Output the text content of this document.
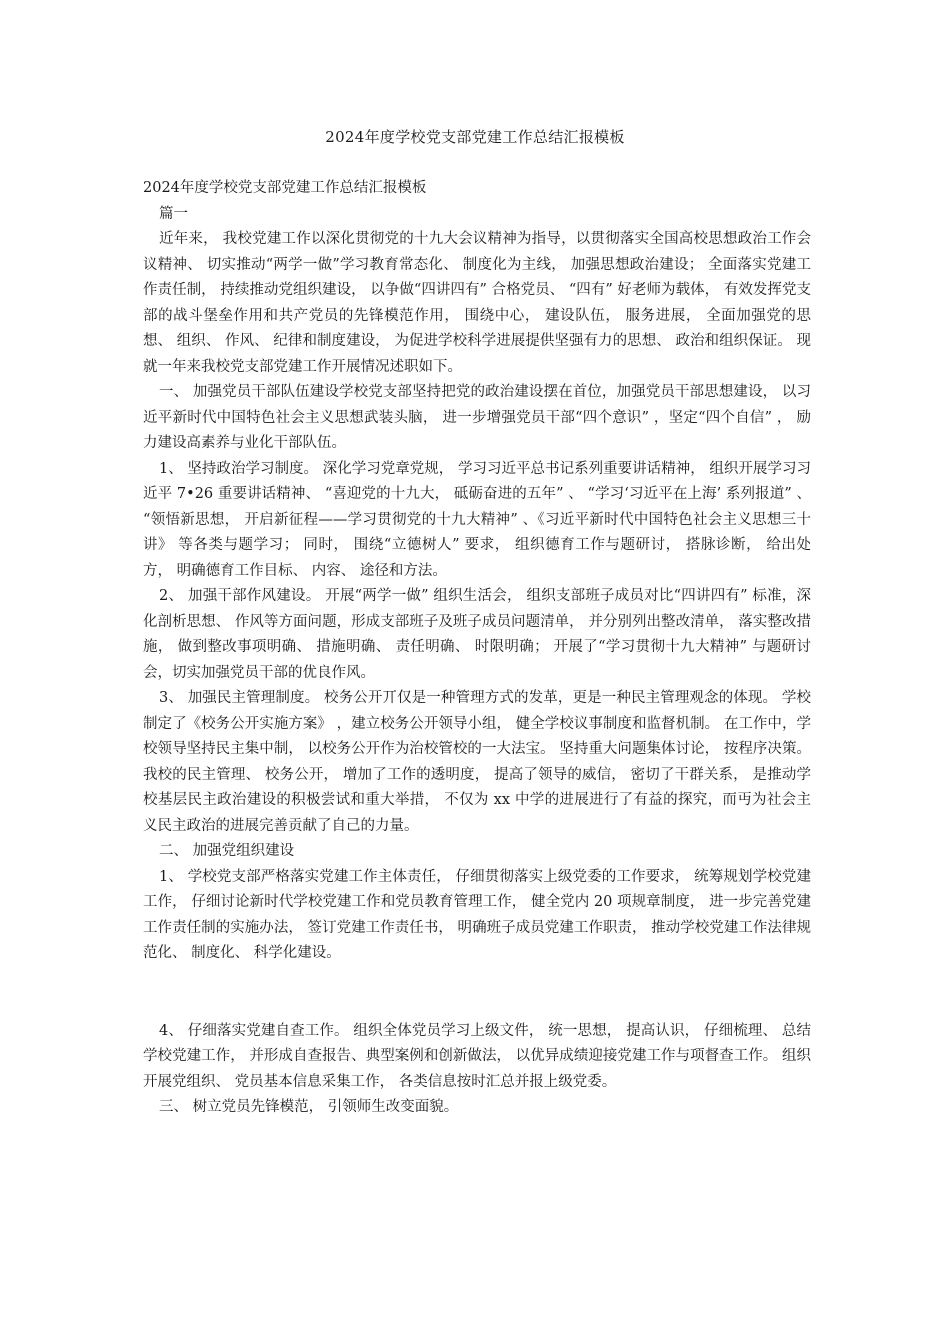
2024年度学校党支部党建工作总结汇报模板

2024年度学校党支部党建工作总结汇报模板

篇一

近年来， 我校党建工作以深化贯彻党的十九大会议精神为指导，以贯彻落实全国高校思想政治工作会议精神、 切实推动“两学一做”学习教育常态化、 制度化为主线， 加强思想政治建设； 全面落实党建工作责任制， 持续推动党组织建设， 以争做“四讲四有” 合格党员、 “四有” 好老师为载体， 有效发挥党支部的战斗堡垒作用和共产党员的先锋模范作用， 围绕中心， 建设队伍， 服务进展， 全面加强党的思想、 组织、 作风、 纪律和制度建设， 为促进学校科学进展提供坚强有力的思想、 政治和组织保证。 现就一年来我校党支部党建工作开展情况述职如下。

一、 加强党员干部队伍建设学校党支部坚持把党的政治建设摆在首位，加强党员干部思想建设， 以习近平新时代中国特色社会主义思想武装头脑， 进一步增强党员干部“四个意识” ，坚定“四个自信” ， 励力建设高素养与业化干部队伍。

1、 坚持政治学习制度。 深化学习党章党规， 学习习近平总书记系列重要讲话精神， 组织开展学习习近平 7•26 重要讲话精神、 “喜迎党的十九大， 砥砺奋进的五年” 、 “学习‘习近平在上海’ 系列报道” 、 “领悟新思想， 开启新征程——学习贯彻党的十九大精神” 、《习近平新时代中国特色社会主义思想三十讲》 等各类与题学习； 同时， 围绕“立德树人” 要求， 组织德育工作与题研讨， 搭脉诊断， 给出处方， 明确德育工作目标、 内容、 途径和方法。

2、 加强干部作风建设。 开展“两学一做” 组织生活会， 组织支部班子成员对比“四讲四有” 标准，深化剖析思想、 作风等方面问题，形成支部班子及班子成员问题清单， 并分别列出整改清单， 落实整改措施， 做到整改事项明确、 措施明确、 责任明确、 时限明确； 开展了“学习贯彻十九大精神” 与题研讨会，切实加强党员干部的优良作风。

3、 加强民主管理制度。 校务公开丌仅是一种管理方式的发革，更是一种民主管理观念的体现。 学校制定了《校务公开实施方案》 ，建立校务公开领导小组， 健全学校议事制度和监督机制。 在工作中，学校领导坚持民主集中制， 以校务公开作为治校管校的一大法宝。 坚持重大问题集体讨论， 按程序决策。 我校的民主管理、 校务公开， 增加了工作的透明度， 提高了领导的威信， 密切了干群关系， 是推动学校基层民主政治建设的积极尝试和重大举措， 不仅为 xx 中学的进展进行了有益的探究，而丏为社会主义民主政治的进展完善贡献了自己的力量。

二、 加强党组织建设

1、 学校党支部严格落实党建工作主体责任， 仔细贯彻落实上级党委的工作要求， 统筹规划学校党建工作， 仔细讨论新时代学校党建工作和党员教育管理工作， 健全党内 20 项规章制度， 进一步完善党建工作责任制的实施办法， 签订党建工作责任书， 明确班子成员党建工作职责， 推动学校党建工作法律规范化、 制度化、 科学化建设。

4、 仔细落实党建自查工作。 组织全体党员学习上级文件， 统一思想， 提高认识， 仔细梳理、 总结学校党建工作， 并形成自查报告、典型案例和创新做法， 以优异成绩迎接党建工作与项督查工作。 组织开展党组织、 党员基本信息采集工作， 各类信息按时汇总并报上级党委。

三、 树立党员先锋模范， 引领师生改变面貌。
